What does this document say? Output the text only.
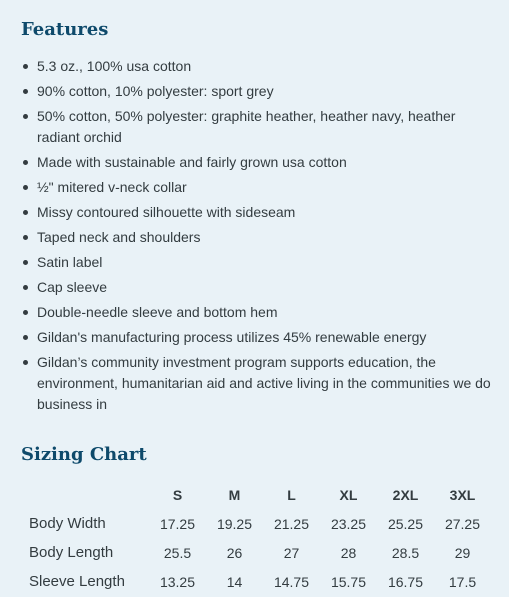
Features
5.3 oz., 100% usa cotton
90% cotton, 10% polyester: sport grey
50% cotton, 50% polyester: graphite heather, heather navy, heather radiant orchid
Made with sustainable and fairly grown usa cotton
½" mitered v-neck collar
Missy contoured silhouette with sideseam
Taped neck and shoulders
Satin label
Cap sleeve
Double-needle sleeve and bottom hem
Gildan's manufacturing process utilizes 45% renewable energy
Gildan’s community investment program supports education, the environment, humanitarian aid and active living in the communities we do business in
Sizing Chart
	S	M	L	XL	2XL	3XL
Body Width	17.25	19.25	21.25	23.25	25.25	27.25
Body Length	25.5	26	27	28	28.5	29
Sleeve Length	13.25	14	14.75	15.75	16.75	17.5
